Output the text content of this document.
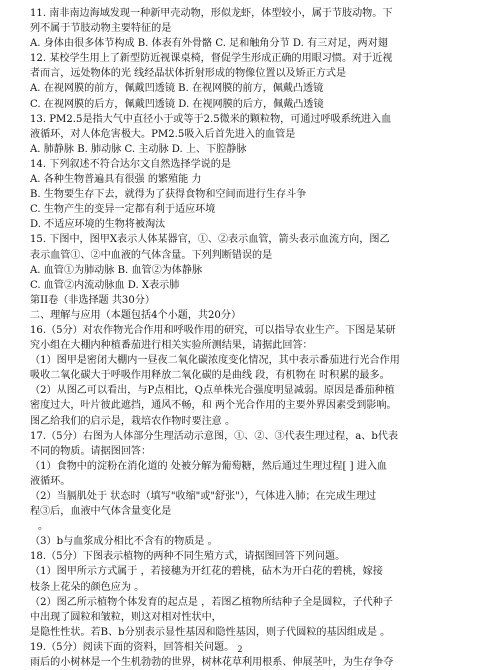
11. 南非南边海域发现一种新甲壳动物，形似龙虾，体型较小，属于节肢动物。下
列不属于节肢动物主要特征的是
A. 身体由很多体节构成 B. 体表有外骨骼 C. 足和触角分节 D. 有三对足，两对翅
12. 某校学生用上了新型防近视课桌椅，督促学生形成正确的用眼习惯。对于近视
者而言，远处物体的光 线经晶状体折射形成的物像位置以及矫正方式是
A. 在视网膜的前方，佩戴凹透镜 B. 在视网膜的前方，佩戴凸透镜
C. 在视网膜的后方，佩戴凹透镜 D. 在视网膜的后方，佩戴凸透镜
13. PM2.5是指大气中直径小于或等于2.5微米的颗粒物，可通过呼吸系统进入血
液循环，对人体危害极大。PM2.5吸入后首先进入的血管是
A. 肺静脉 B. 肺动脉 C. 主动脉 D. 上、下腔静脉
14. 下列叙述不符合达尔文自然选择学说的是
A. 各种生物普遍具有很强 的繁殖能 力
B. 生物要生存下去，就得为了获得食物和空间而进行生存斗争
C. 生物产生的变异一定都有利于适应环境
D. 不适应环境的生物将被淘汰
15. 下图中，图甲X表示人体某器官，①、②表示血管，箭头表示血流方向，图乙
表示血管①、②中血液的气体含量。下列判断错误的是
A. 血管①为肺动脉 B. 血管②为体静脉
C. 血管②内流动脉血 D. X表示肺
第II卷（非选择题 共30分）
二、理解与应用（本题包括4个小题，共20分）
16.（5分）对农作物光合作用和呼吸作用的研究，可以指导农业生产。下图是某研
究小组在大棚内种植番茄进行相关实验所测结果，请据此回答：
（1）图甲是密闭大棚内一昼夜二氧化碳浓度变化情况，其中表示番茄进行光合作用
吸收二氧化碳大于呼吸作用释放二氧化碳的是曲线 段，有机物在 时积累的最多。
（2）从图乙可以看出，与P点相比，Q点单株光合强度明显减弱。原因是番茄种植
密度过大，叶片彼此遮挡，通风不畅，和 两个光合作用的主要外界因素受到影响。
图乙给我们的启示是，栽培农作物时要注意 。
17.（5分）右图为人体部分生理活动示意图，①、②、③代表生理过程，a、b代表
不同的物质。请据图回答：
（1）食物中的淀粉在消化道的 处被分解为葡萄糖，然后通过生理过程[ ] 进入血
液循环。
（2）当膈肌处于 状态时（填写"收缩"或"舒张"），气体进入肺；在完成生理过
程③后，血液中气体含量变化是
。
（3）b与血浆成分相比不含有的物质是 。
18.（5分）下图表示植物的两种不同生殖方式，请据图回答下列问题。
（1）图甲所示方式属于 ，若接穗为开红花的碧桃，砧木为开白花的碧桃，嫁接
枝条上花朵的颜色应为 。
（2）图乙所示植物个体发育的起点是 ，若图乙植物所结种子全是圆粒，子代种子
中出现了圆粒和皱粒，则这对相对性状中，
是隐性性状。若B、b分别表示显性基因和隐性基因，则子代圆粒的基因组成是 。
19.（5分）阅读下面的资料，回答相关问题。
雨后的小树林是一个生机勃勃的世界，树林花草利用根系、伸展茎叶，为生存争夺
2
